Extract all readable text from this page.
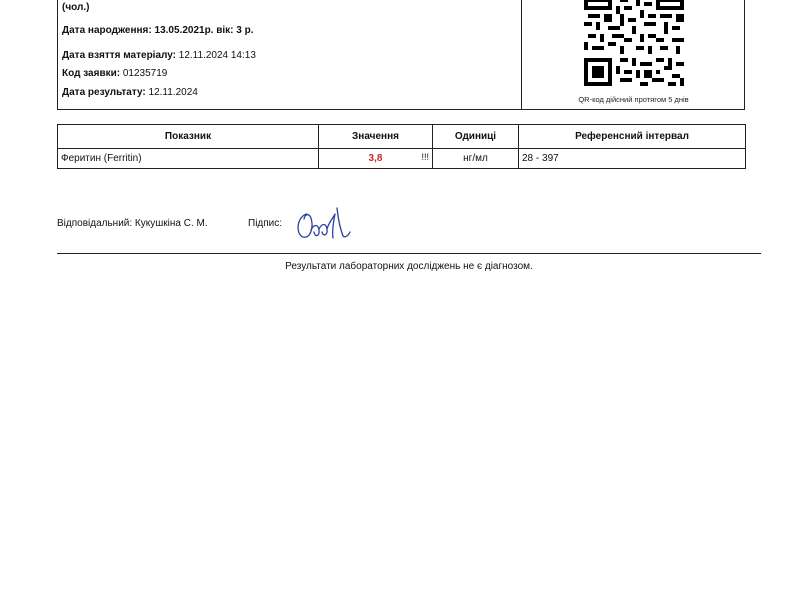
(чол.)
Дата народження: 13.05.2021р. вік: 3 р.
Дата взяття матеріалу: 12.11.2024 14:13
Код заявки: 01235719
Дата результату: 12.11.2024
QR-код дійсний протягом 5 днів
Показник	Значення	Одиниці	Референсний інтервал
Феритин (Ferritin)	3,8 !!!	нг/мл	28 - 397
Відповідальний: Кукушкіна С. М.	Підпис:
Результати лабораторних досліджень не є діагнозом.
